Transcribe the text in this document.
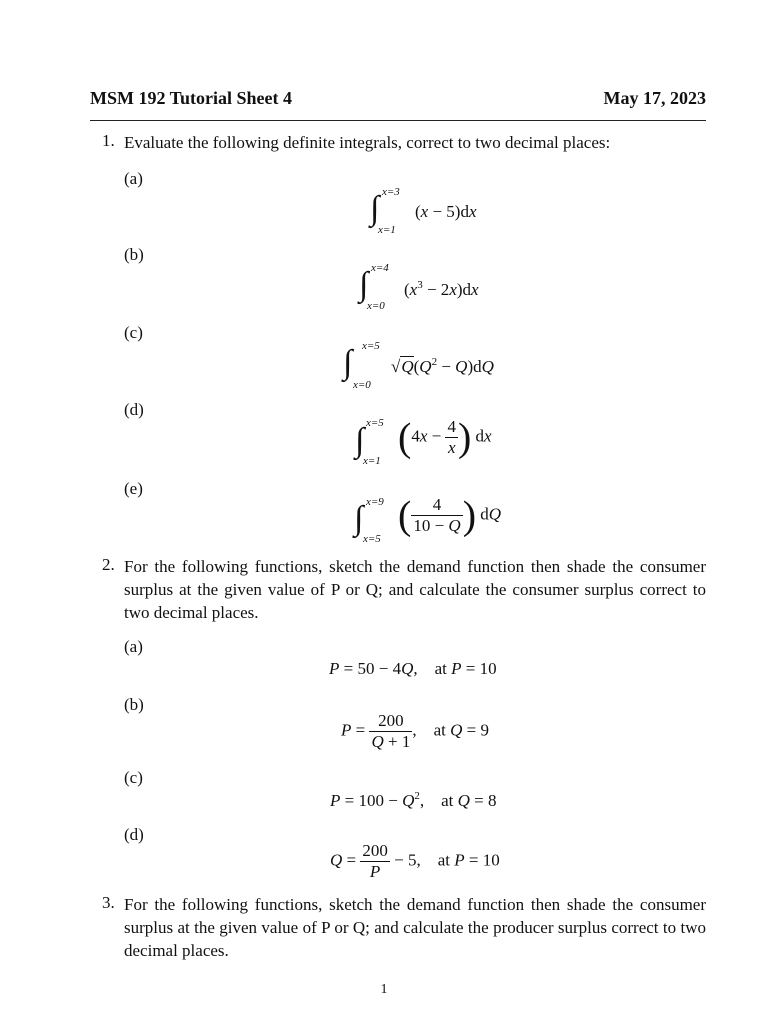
MSM 192 Tutorial Sheet 4	May 17, 2023
1. Evaluate the following definite integrals, correct to two decimal places:
(a)
∫ x=3
x=1
(x − 5)dx
(b)
∫ x=4
x=0
$(x^3 - 2x)dx$
(c)
∫ x=5
x=0
$√Q(Q^2 - Q)dQ$
(d)
∫ x=5
x=1
($4x - \frac{4}{x}$ ) dx
(e)
∫ x=9
x=5
( $\frac{4}{10 - Q}$ ) dQ
2. For the following functions, sketch the demand function then shade the consumer surplus at the given value of P or Q; and calculate the consumer surplus correct to two decimal places.
(a)
P = 50 − 4Q,    at P = 10
(b)
$P = \frac{200}{Q + 1}$ ,    at Q = 9
(c)
$P = 100 - Q^2$,    at Q = 8
(d)
$Q = \frac{200}{P} - 5$,    at P = 10
3. For the following functions, sketch the demand function then shade the consumer surplus at the given value of P or Q; and calculate the producer surplus correct to two decimal places.
1
